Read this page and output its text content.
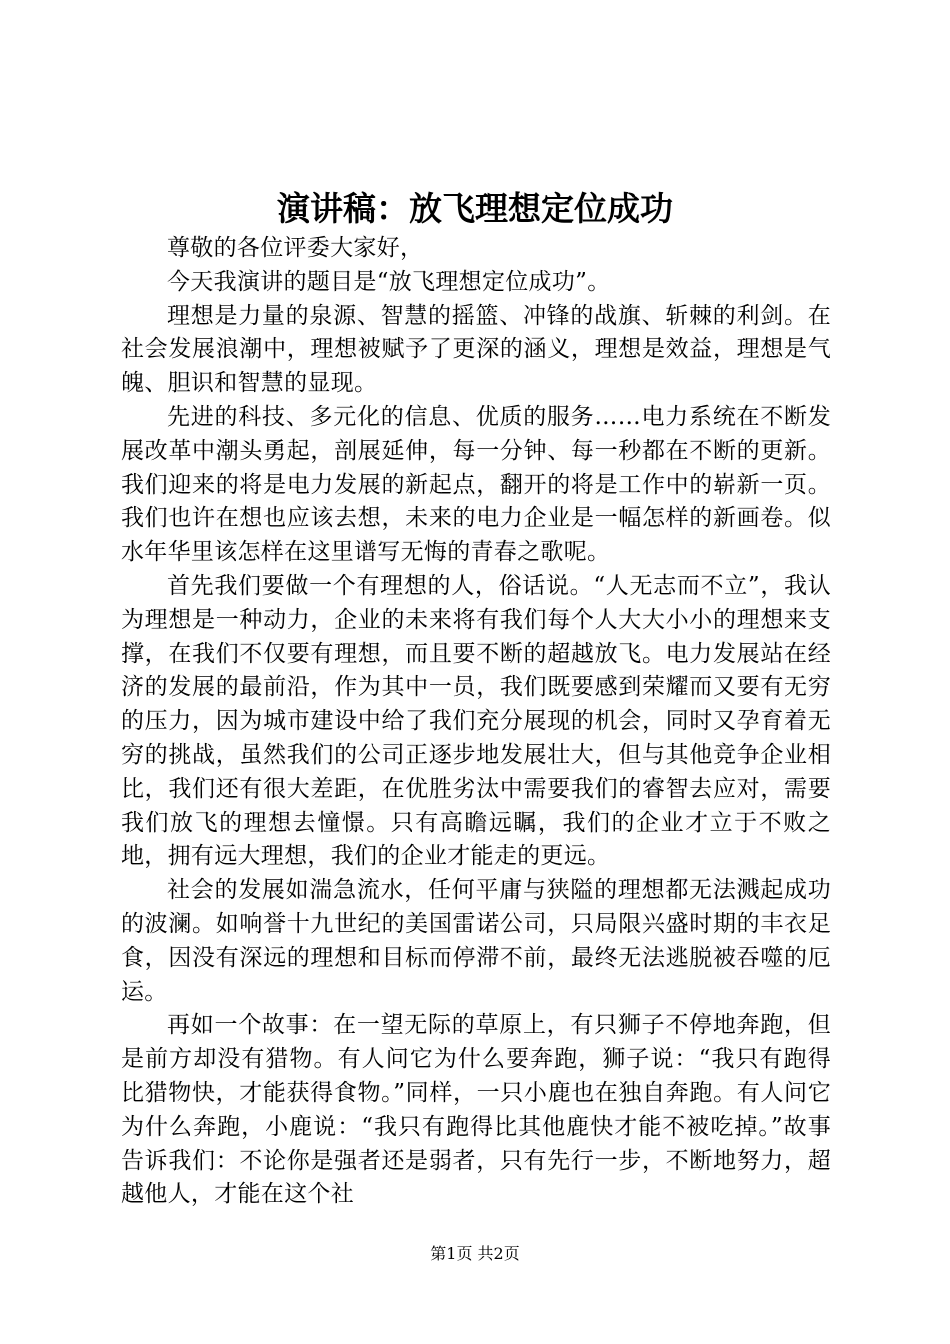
演讲稿：放飞理想定位成功

尊敬的各位评委大家好，

今天我演讲的题目是“放飞理想定位成功”。

理想是力量的泉源、智慧的摇篮、冲锋的战旗、斩棘的利剑。在社会发展浪潮中，理想被赋予了更深的涵义，理想是效益，理想是气魄、胆识和智慧的显现。

先进的科技、多元化的信息、优质的服务……电力系统在不断发展改革中潮头勇起，剖展延伸，每一分钟、每一秒都在不断的更新。我们迎来的将是电力发展的新起点，翻开的将是工作中的崭新一页。我们也许在想也应该去想，未来的电力企业是一幅怎样的新画卷。似水年华里该怎样在这里谱写无悔的青春之歌呢。

首先我们要做一个有理想的人，俗话说。“人无志而不立”，我认为理想是一种动力，企业的未来将有我们每个人大大小小的理想来支撑，在我们不仅要有理想，而且要不断的超越放飞。电力发展站在经济的发展的最前沿，作为其中一员，我们既要感到荣耀而又要有无穷的压力，因为城市建设中给了我们充分展现的机会，同时又孕育着无穷的挑战，虽然我们的公司正逐步地发展壮大，但与其他竞争企业相比，我们还有很大差距，在优胜劣汰中需要我们的睿智去应对，需要我们放飞的理想去憧憬。只有高瞻远瞩，我们的企业才立于不败之地，拥有远大理想，我们的企业才能走的更远。

社会的发展如湍急流水，任何平庸与狭隘的理想都无法溅起成功的波澜。如响誉十九世纪的美国雷诺公司，只局限兴盛时期的丰衣足食，因没有深远的理想和目标而停滞不前，最终无法逃脱被吞噬的厄运。

再如一个故事：在一望无际的草原上，有只狮子不停地奔跑，但是前方却没有猎物。有人问它为什么要奔跑，狮子说：“我只有跑得比猎物快，才能获得食物。”同样，一只小鹿也在独自奔跑。有人问它为什么奔跑，小鹿说：“我只有跑得比其他鹿快才能不被吃掉。”故事告诉我们：不论你是强者还是弱者，只有先行一步，不断地努力，超越他人，才能在这个社

第1页 共2页
